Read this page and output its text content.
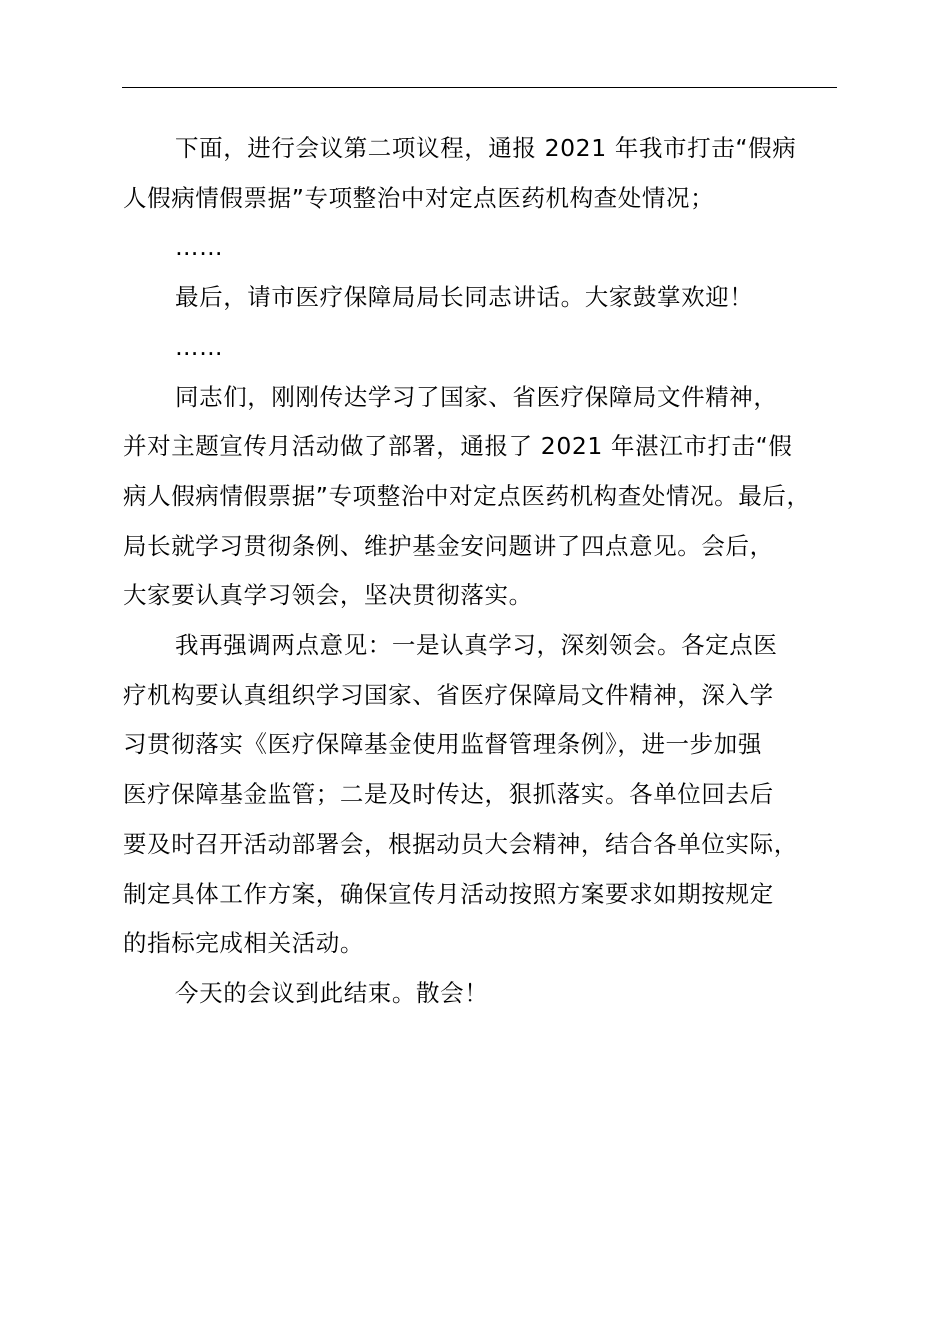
下面，进行会议第二项议程，通报 2021 年我市打击“假病
人假病情假票据”专项整治中对定点医药机构查处情况；

……

最后，请市医疗保障局局长同志讲话。大家鼓掌欢迎！

……

同志们，刚刚传达学习了国家、省医疗保障局文件精神，
并对主题宣传月活动做了部署，通报了 2021 年湛江市打击“假
病人假病情假票据”专项整治中对定点医药机构查处情况。最后，
局长就学习贯彻条例、维护基金安问题讲了四点意见。会后，
大家要认真学习领会，坚决贯彻落实。

我再强调两点意见：一是认真学习，深刻领会。各定点医
疗机构要认真组织学习国家、省医疗保障局文件精神，深入学
习贯彻落实《医疗保障基金使用监督管理条例》，进一步加强
医疗保障基金监管；二是及时传达，狠抓落实。各单位回去后
要及时召开活动部署会，根据动员大会精神，结合各单位实际，
制定具体工作方案，确保宣传月活动按照方案要求如期按规定
的指标完成相关活动。

今天的会议到此结束。散会！
